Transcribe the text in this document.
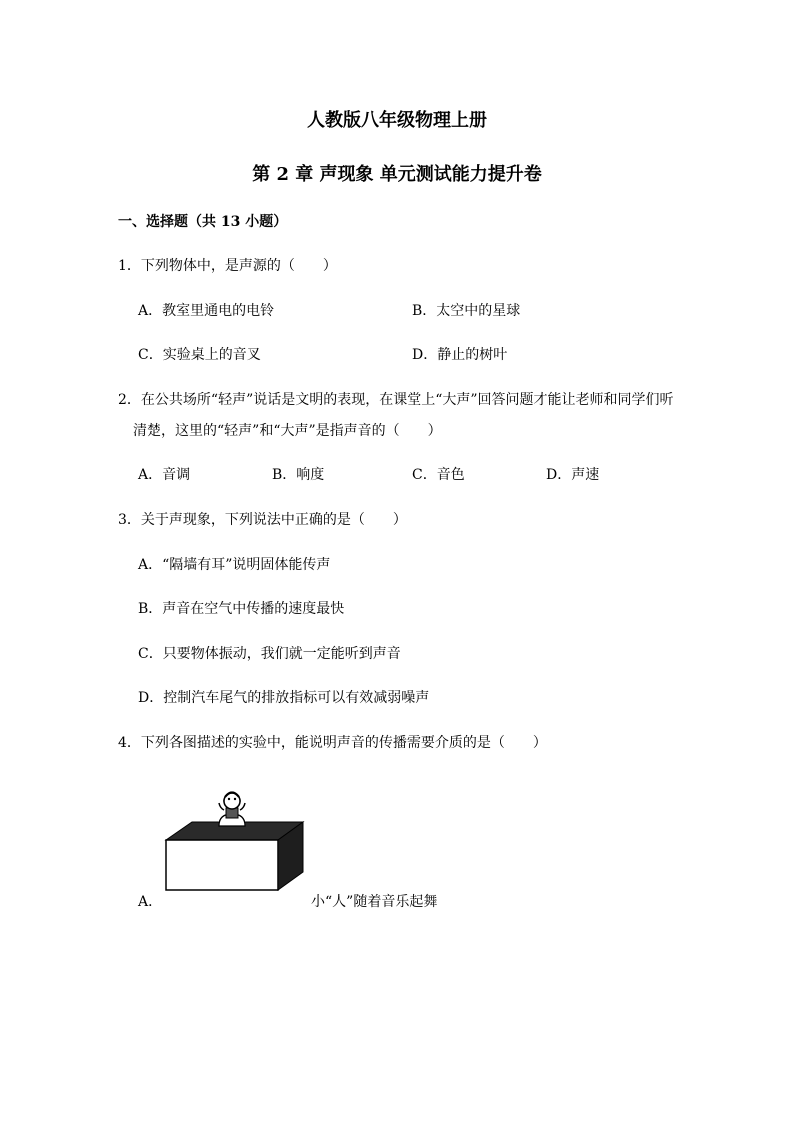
人教版八年级物理上册
第 2 章 声现象 单元测试能力提升卷
一、选择题（共 13 小题）
1．下列物体中，是声源的（　　）
A．教室里通电的电铃	B．太空中的星球
C．实验桌上的音叉	D．静止的树叶
2．在公共场所“轻声”说话是文明的表现，在课堂上“大声”回答问题才能让老师和同学们听
清楚，这里的“轻声”和“大声”是指声音的（　　）
A．音调	B．响度	C．音色	D．声速
3．关于声现象，下列说法中正确的是（　　）
A．“隔墙有耳”说明固体能传声
B．声音在空气中传播的速度最快
C．只要物体振动，我们就一定能听到声音
D．控制汽车尾气的排放指标可以有效减弱噪声
4．下列各图描述的实验中，能说明声音的传播需要介质的是（　　）
A．	小“人”随着音乐起舞
